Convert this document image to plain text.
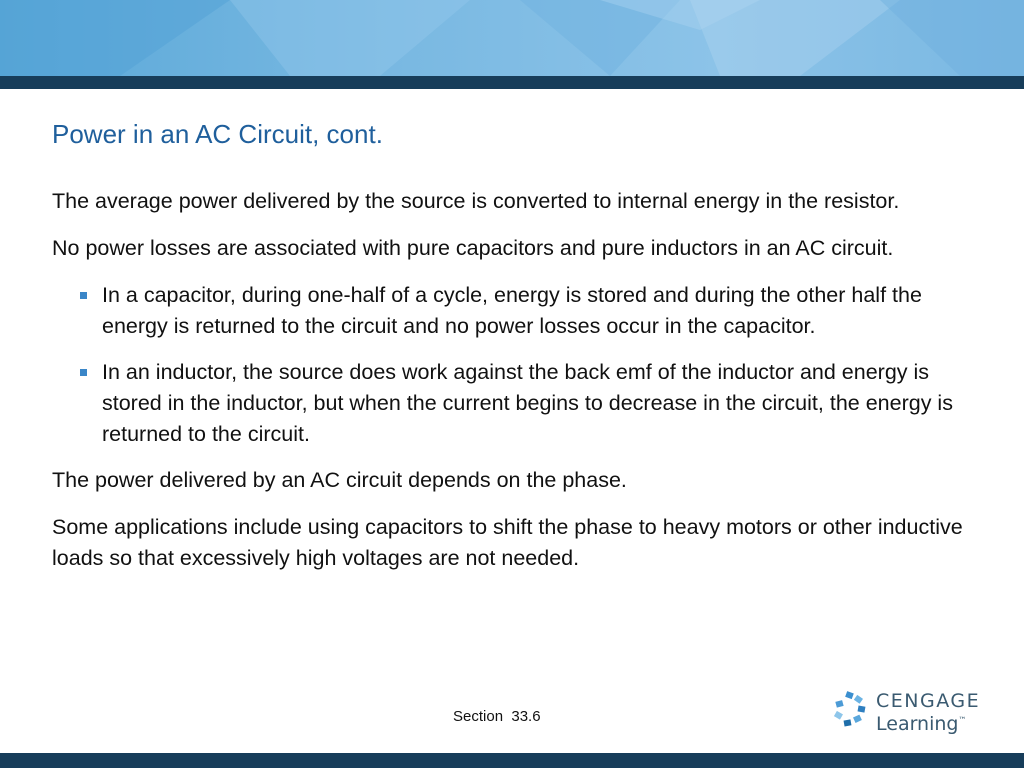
Power in an AC Circuit, cont.

The average power delivered by the source is converted to internal energy in the resistor.

No power losses are associated with pure capacitors and pure inductors in an AC circuit.

In a capacitor, during one-half of a cycle, energy is stored and during the other half the energy is returned to the circuit and no power losses occur in the capacitor.
In an inductor, the source does work against the back emf of the inductor and energy is stored in the inductor, but when the current begins to decrease in the circuit, the energy is returned to the circuit.

The power delivered by an AC circuit depends on the phase.

Some applications include using capacitors to shift the phase to heavy motors or other inductive loads so that excessively high voltages are not needed.

Section  33.6
CENGAGE
Learning™
